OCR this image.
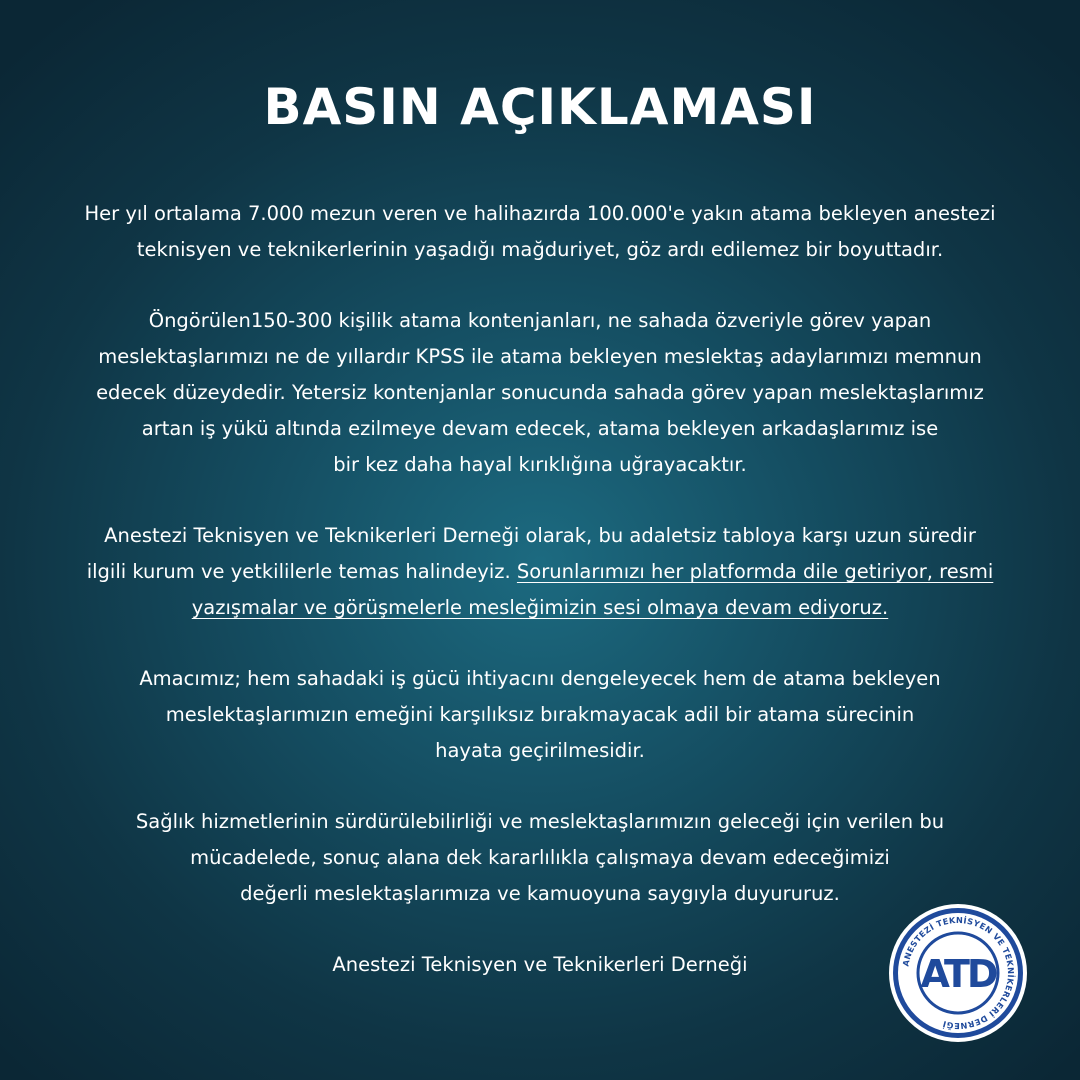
BASIN AÇIKLAMASI

Her yıl ortalama 7.000 mezun veren ve halihazırda 100.000'e yakın atama bekleyen anestezi
teknisyen ve teknikerlerinin yaşadığı mağduriyet, göz ardı edilemez bir boyuttadır.

Öngörülen150-300 kişilik atama kontenjanları, ne sahada özveriyle görev yapan
meslektaşlarımızı ne de yıllardır KPSS ile atama bekleyen meslektaş adaylarımızı memnun
edecek düzeydedir. Yetersiz kontenjanlar sonucunda sahada görev yapan meslektaşlarımız
artan iş yükü altında ezilmeye devam edecek, atama bekleyen arkadaşlarımız ise
bir kez daha hayal kırıklığına uğrayacaktır.

Anestezi Teknisyen ve Teknikerleri Derneği olarak, bu adaletsiz tabloya karşı uzun süredir
ilgili kurum ve yetkililerle temas halindeyiz. Sorunlarımızı her platformda dile getiriyor, resmi
yazışmalar ve görüşmelerle mesleğimizin sesi olmaya devam ediyoruz.

Amacımız; hem sahadaki iş gücü ihtiyacını dengeleyecek hem de atama bekleyen
meslektaşlarımızın emeğini karşılıksız bırakmayacak adil bir atama sürecinin
hayata geçirilmesidir.

Sağlık hizmetlerinin sürdürülebilirliği ve meslektaşlarımızın geleceği için verilen bu
mücadelede, sonuç alana dek kararlılıkla çalışmaya devam edeceğimizi
değerli meslektaşlarımıza ve kamuoyuna saygıyla duyururuz.

Anestezi Teknisyen ve Teknikerleri Derneği	ANESTEZİ TEKNİSYEN VE TEKNİKERLERİ DERNEĞİ
ATD
